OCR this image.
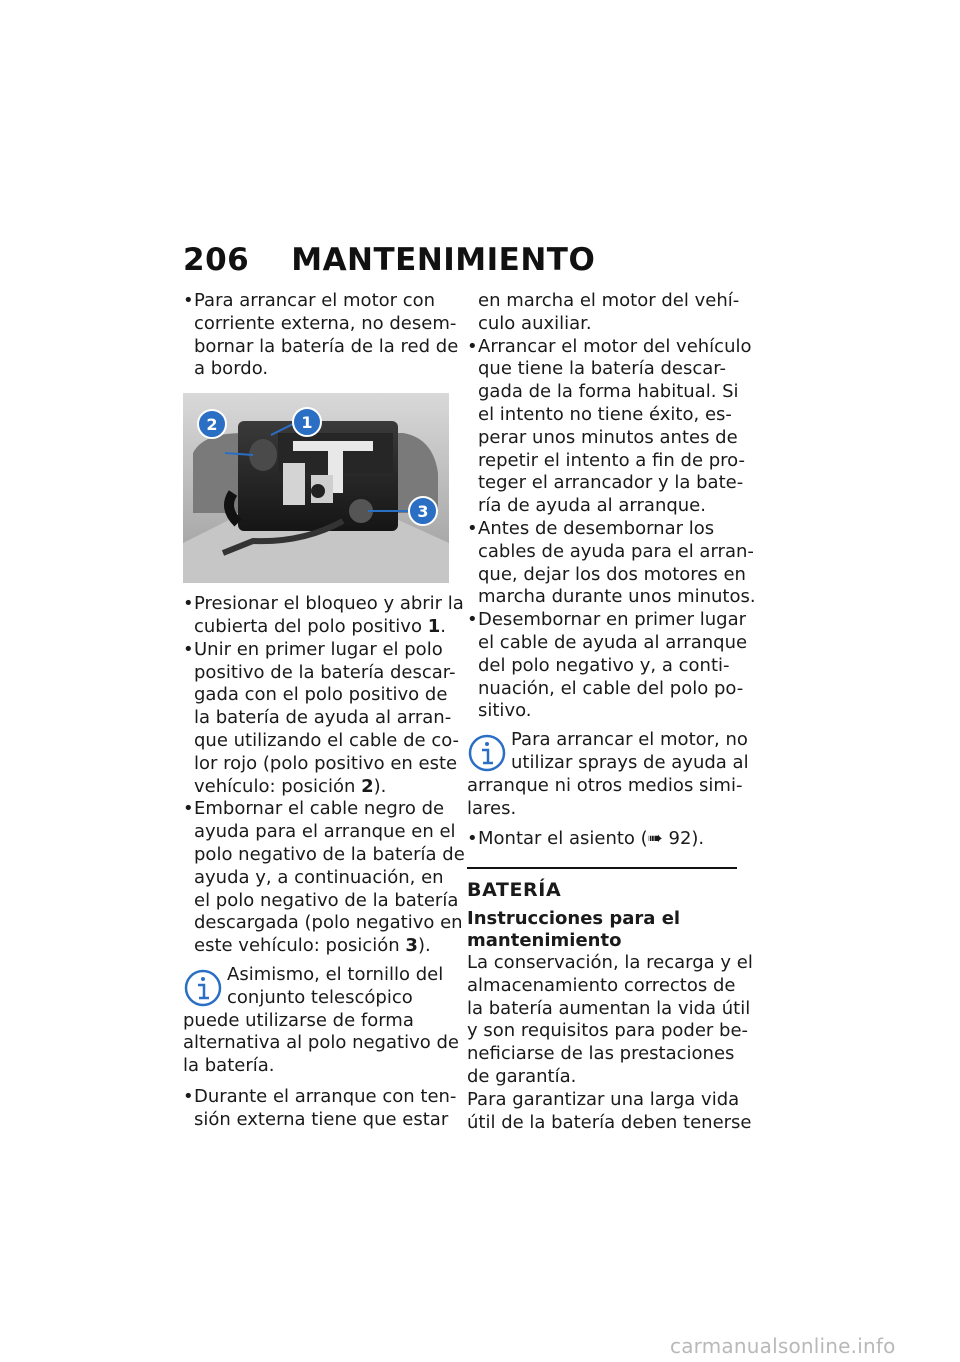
206 MANTENIMIENTO
• Para arrancar el motor con
corriente externa, no desem-
bornar la batería de la red de
a bordo.
2	1
3
• Presionar el bloqueo y abrir la
cubierta del polo positivo 1.
• Unir en primer lugar el polo
positivo de la batería descar-
gada con el polo positivo de
la batería de ayuda al arran-
que utilizando el cable de co-
lor rojo (polo positivo en este
vehículo: posición 2).
• Embornar el cable negro de
ayuda para el arranque en el
polo negativo de la batería de
ayuda y, a continuación, en
el polo negativo de la batería
descargada (polo negativo en
este vehículo: posición 3).
Asimismo, el tornillo del
conjunto telescópico
puede utilizarse de forma
alternativa al polo negativo de
la batería.
• Durante el arranque con ten-
sión externa tiene que estar
en marcha el motor del vehí-
culo auxiliar.
• Arrancar el motor del vehículo
que tiene la batería descar-
gada de la forma habitual. Si
el intento no tiene éxito, es-
perar unos minutos antes de
repetir el intento a fin de pro-
teger el arrancador y la bate-
ría de ayuda al arranque.
• Antes de desembornar los
cables de ayuda para el arran-
que, dejar los dos motores en
marcha durante unos minutos.
• Desembornar en primer lugar
el cable de ayuda al arranque
del polo negativo y, a conti-
nuación, el cable del polo po-
sitivo.
Para arrancar el motor, no
utilizar sprays de ayuda al
arranque ni otros medios simi-
lares.
• Montar el asiento (➠ 92).
BATERÍA
Instrucciones para el
mantenimiento
La conservación, la recarga y el
almacenamiento correctos de
la batería aumentan la vida útil
y son requisitos para poder be-
neficiarse de las prestaciones
de garantía.
Para garantizar una larga vida
útil de la batería deben tenerse
carmanualsonline.info
